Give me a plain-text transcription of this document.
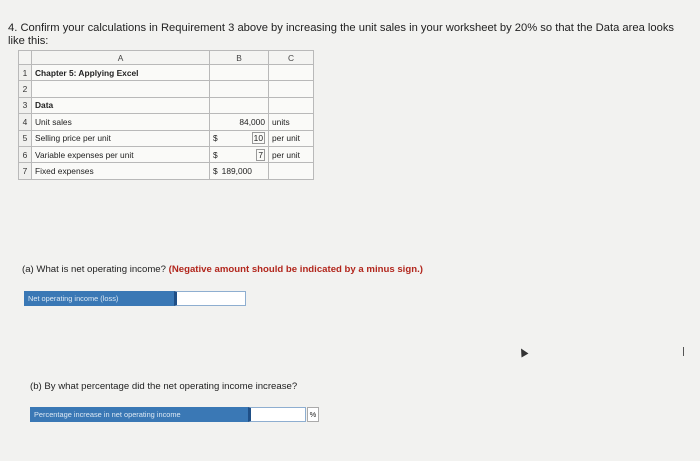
4. Confirm your calculations in Requirement 3 above by increasing the unit sales in your worksheet by 20% so that the Data area looks like this:
	A	B	C
1	Chapter 5: Applying Excel		
2			
3	Data		
4	Unit sales	84,000	units
5	Selling price per unit	$ 10	per unit
6	Variable expenses per unit	$ 7	per unit
7	Fixed expenses	$ 189,000	

(a) What is net operating income? (Negative amount should be indicated by a minus sign.)
Net operating income (loss)
(b) By what percentage did the net operating income increase?
Percentage increase in net operating income	%
